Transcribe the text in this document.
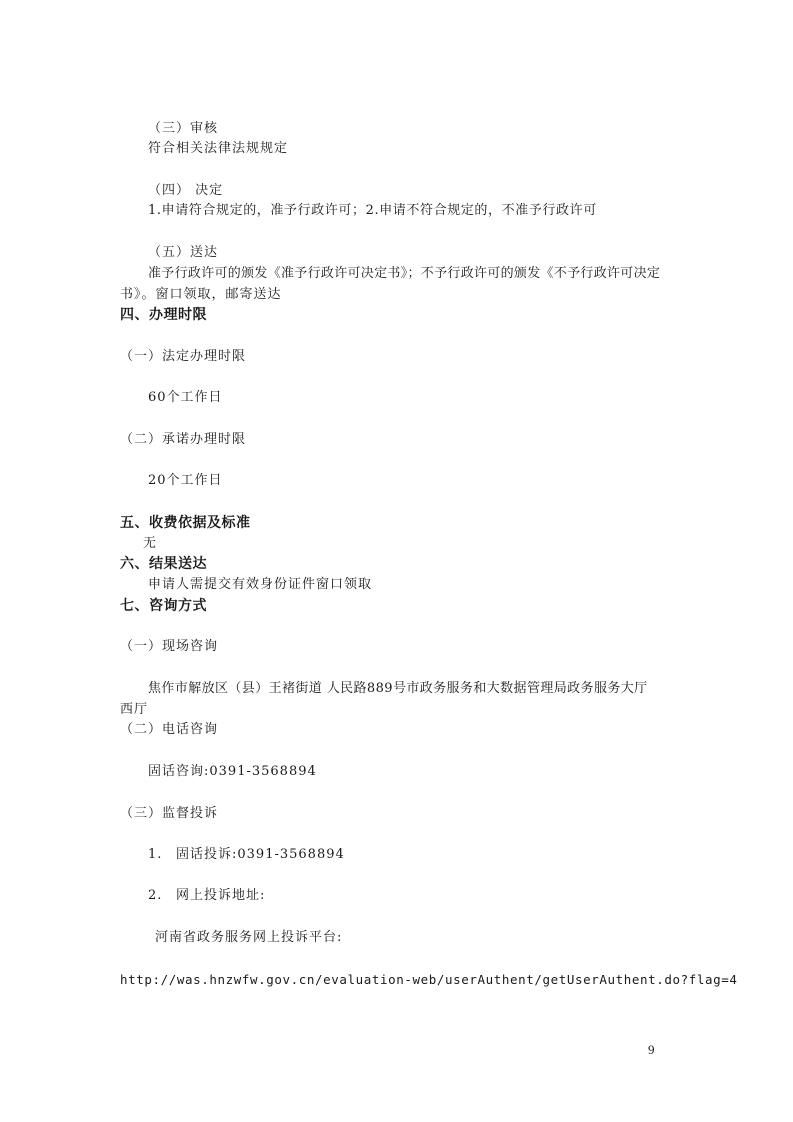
（三）审核
符合相关法律法规规定
（四） 决定
1.申请符合规定的，准予行政许可；2.申请不符合规定的，不准予行政许可
（五）送达
准予行政许可的颁发《准予行政许可决定书》；不予行政许可的颁发《不予行政许可决定
书》。窗口领取，邮寄送达
四、办理时限
（一）法定办理时限
60个工作日
（二）承诺办理时限
20个工作日
五、收费依据及标准
无
六、结果送达
申请人需提交有效身份证件窗口领取
七、咨询方式
（一）现场咨询
焦作市解放区（县）王褚街道 人民路889号市政务服务和大数据管理局政务服务大厅
西厅
（二）电话咨询
固话咨询:0391-3568894
（三）监督投诉
1. 固话投诉:0391-3568894
2. 网上投诉地址:
河南省政务服务网上投诉平台:
http://was.hnzwfw.gov.cn/evaluation-web/userAuthent/getUserAuthent.do?flag=4
9
